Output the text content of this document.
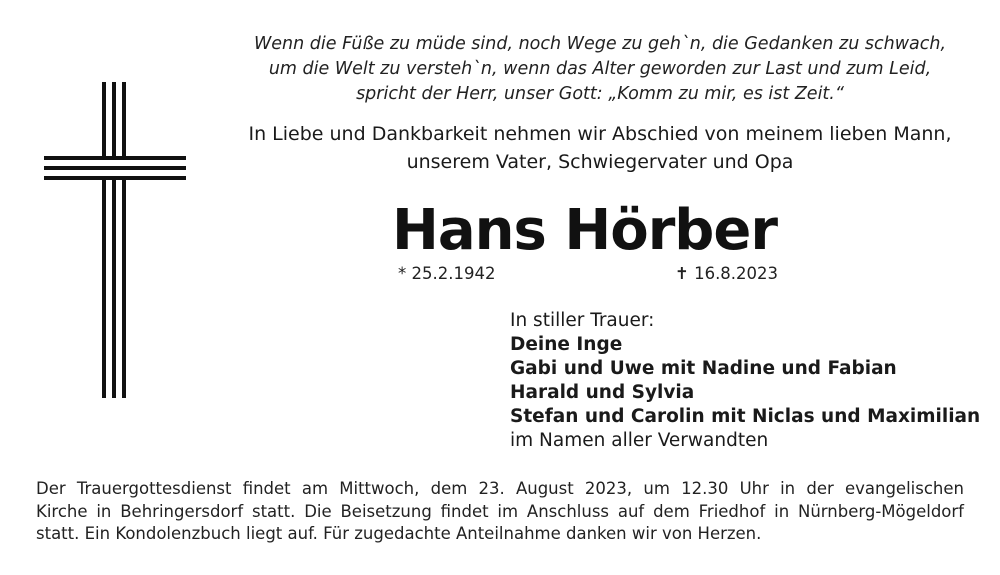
Wenn die Füße zu müde sind, noch Wege zu geh`n, die Gedanken zu schwach,
um die Welt zu versteh`n, wenn das Alter geworden zur Last und zum Leid,
spricht der Herr, unser Gott: „Komm zu mir, es ist Zeit.“
In Liebe und Dankbarkeit nehmen wir Abschied von meinem lieben Mann,
unserem Vater, Schwiegervater und Opa
Hans Hörber
* 25.2.1942	✝ 16.8.2023
In stiller Trauer:
Deine Inge
Gabi und Uwe mit Nadine und Fabian
Harald und Sylvia
Stefan und Carolin mit Niclas und Maximilian
im Namen aller Verwandten
Der Trauergottesdienst findet am Mittwoch, dem 23. August 2023, um 12.30 Uhr in der evangelischen
Kirche in Behringersdorf statt. Die Beisetzung findet im Anschluss auf dem Friedhof in Nürnberg-Mögeldorf
statt. Ein Kondolenzbuch liegt auf. Für zugedachte Anteilnahme danken wir von Herzen.
